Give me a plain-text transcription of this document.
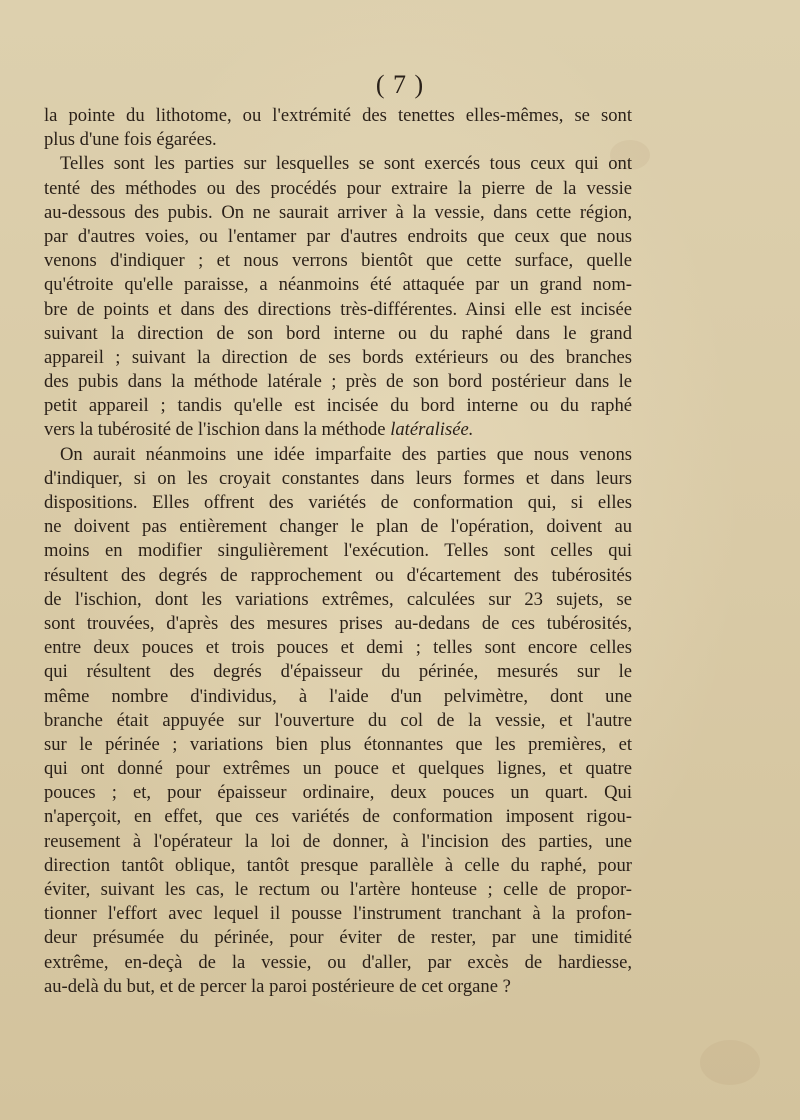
( 7 )
la pointe du lithotome, ou l'extrémité des tenettes elles-mêmes, se sont
plus d'une fois égarées.
Telles sont les parties sur lesquelles se sont exercés tous ceux qui ont
tenté des méthodes ou des procédés pour extraire la pierre de la vessie
au-dessous des pubis. On ne saurait arriver à la vessie, dans cette région,
par d'autres voies, ou l'entamer par d'autres endroits que ceux que nous
venons d'indiquer ; et nous verrons bientôt que cette surface, quelle
qu'étroite qu'elle paraisse, a néanmoins été attaquée par un grand nom-
bre de points et dans des directions très-différentes. Ainsi elle est incisée
suivant la direction de son bord interne ou du raphé dans le grand
appareil ; suivant la direction de ses bords extérieurs ou des branches
des pubis dans la méthode latérale ; près de son bord postérieur dans le
petit appareil ; tandis qu'elle est incisée du bord interne ou du raphé
vers la tubérosité de l'ischion dans la méthode latéralisée.
On aurait néanmoins une idée imparfaite des parties que nous venons
d'indiquer, si on les croyait constantes dans leurs formes et dans leurs
dispositions. Elles offrent des variétés de conformation qui, si elles
ne doivent pas entièrement changer le plan de l'opération, doivent au
moins en modifier singulièrement l'exécution. Telles sont celles qui
résultent des degrés de rapprochement ou d'écartement des tubérosités
de l'ischion, dont les variations extrêmes, calculées sur 23 sujets, se
sont trouvées, d'après des mesures prises au-dedans de ces tubérosités,
entre deux pouces et trois pouces et demi ; telles sont encore celles
qui résultent des degrés d'épaisseur du périnée, mesurés sur le
même nombre d'individus, à l'aide d'un pelvimètre, dont une
branche était appuyée sur l'ouverture du col de la vessie, et l'autre
sur le périnée ; variations bien plus étonnantes que les premières, et
qui ont donné pour extrêmes un pouce et quelques lignes, et quatre
pouces ; et, pour épaisseur ordinaire, deux pouces un quart. Qui
n'aperçoit, en effet, que ces variétés de conformation imposent rigou-
reusement à l'opérateur la loi de donner, à l'incision des parties, une
direction tantôt oblique, tantôt presque parallèle à celle du raphé, pour
éviter, suivant les cas, le rectum ou l'artère honteuse ; celle de propor-
tionner l'effort avec lequel il pousse l'instrument tranchant à la profon-
deur présumée du périnée, pour éviter de rester, par une timidité
extrême, en-deçà de la vessie, ou d'aller, par excès de hardiesse,
au-delà du but, et de percer la paroi postérieure de cet organe ?
